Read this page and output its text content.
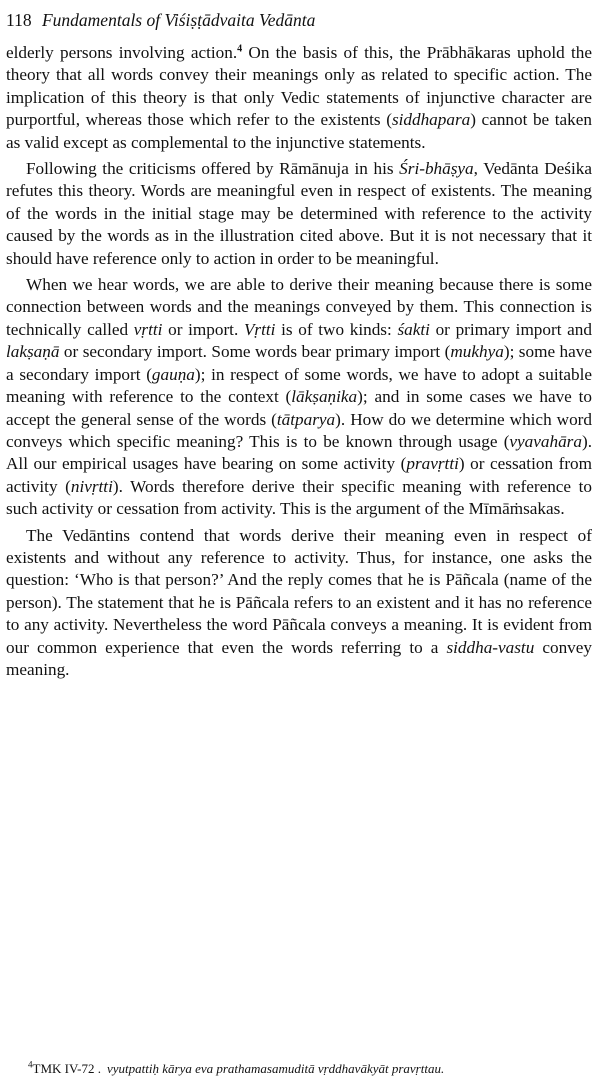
118 Fundamentals of Viśiṣṭādvaita Vedānta

elderly persons involving action.$^4$ On the basis of this, the Prābhākaras uphold the theory that all words convey their meanings only as related to specific action. The implication of this theory is that only Vedic statements of injunctive character are purportful, whereas those which refer to the existents (siddhapara) cannot be taken as valid except as complemental to the injunctive statements.

Following the criticisms offered by Rāmānuja in his Śri-bhāṣya, Vedānta Deśika refutes this theory. Words are meaningful even in respect of existents. The meaning of the words in the initial stage may be determined with reference to the activity caused by the words as in the illustration cited above. But it is not necessary that it should have reference only to action in order to be meaningful.

When we hear words, we are able to derive their meaning because there is some connection between words and the meanings conveyed by them. This connection is technically called vṛtti or import. Vṛtti is of two kinds: śakti or primary import and lakṣaṇā or secondary import. Some words bear primary import (mukhya); some have a secondary import (gauṇa); in respect of some words, we have to adopt a suitable meaning with reference to the context (lākṣaṇika); and in some cases we have to accept the general sense of the words (tātparya). How do we determine which word conveys which specific meaning? This is to be known through usage (vyavahāra). All our empirical usages have bearing on some activity (pravṛtti) or cessation from activity (nivṛtti). Words therefore derive their specific meaning with reference to such activity or cessation from activity. This is the argument of the Mīmāṁsakas.

The Vedāntins contend that words derive their meaning even in respect of existents and without any reference to activity. Thus, for instance, one asks the question: ‘Who is that person?’ And the reply comes that he is Pāñcala (name of the person). The statement that he is Pāñcala refers to an existent and it has no reference to any activity. Nevertheless the word Pāñcala conveys a meaning. It is evident from our common experience that even the words referring to a siddha-vastu convey meaning.

$^4$TMK IV-72 . vyutpattiḥ kārya eva prathamasamuditā vṛddhavākyāt pravṛttau.
